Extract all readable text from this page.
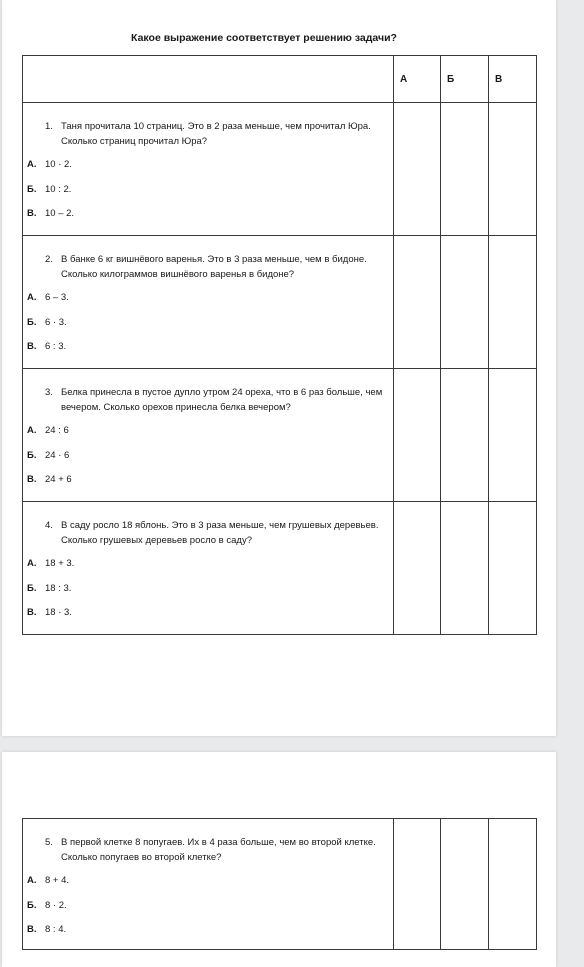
Какое выражение соответствует решению задачи?
	А	Б	В

1. Таня прочитала 10 страниц. Это в 2 раза меньше, чем прочитал Юра. Сколько страниц прочитал Юра?
А. 10 · 2.
Б. 10 : 2.
В. 10 – 2.			

2. В банке 6 кг вишнёвого варенья. Это в 3 раза меньше, чем в бидоне. Сколько килограммов вишнёвого варенья в бидоне?
А. 6 – 3.
Б. 6 · 3.
В. 6 : 3.			

3. Белка принесла в пустое дупло утром 24 ореха, что в 6 раз больше, чем вечером. Сколько орехов принесла белка вечером?
А. 24 : 6
Б. 24 · 6
В. 24 + 6			

4. В саду росло 18 яблонь. Это в 3 раза меньше, чем грушевых деревьев. Сколько грушевых деревьев росло в саду?
А. 18 + 3.
Б. 18 : 3.
В. 18 · 3.			

5. В первой клетке 8 попугаев. Их в 4 раза больше, чем во второй клетке. Сколько попугаев во второй клетке?
А. 8 + 4.
Б. 8 · 2.
В. 8 : 4.
